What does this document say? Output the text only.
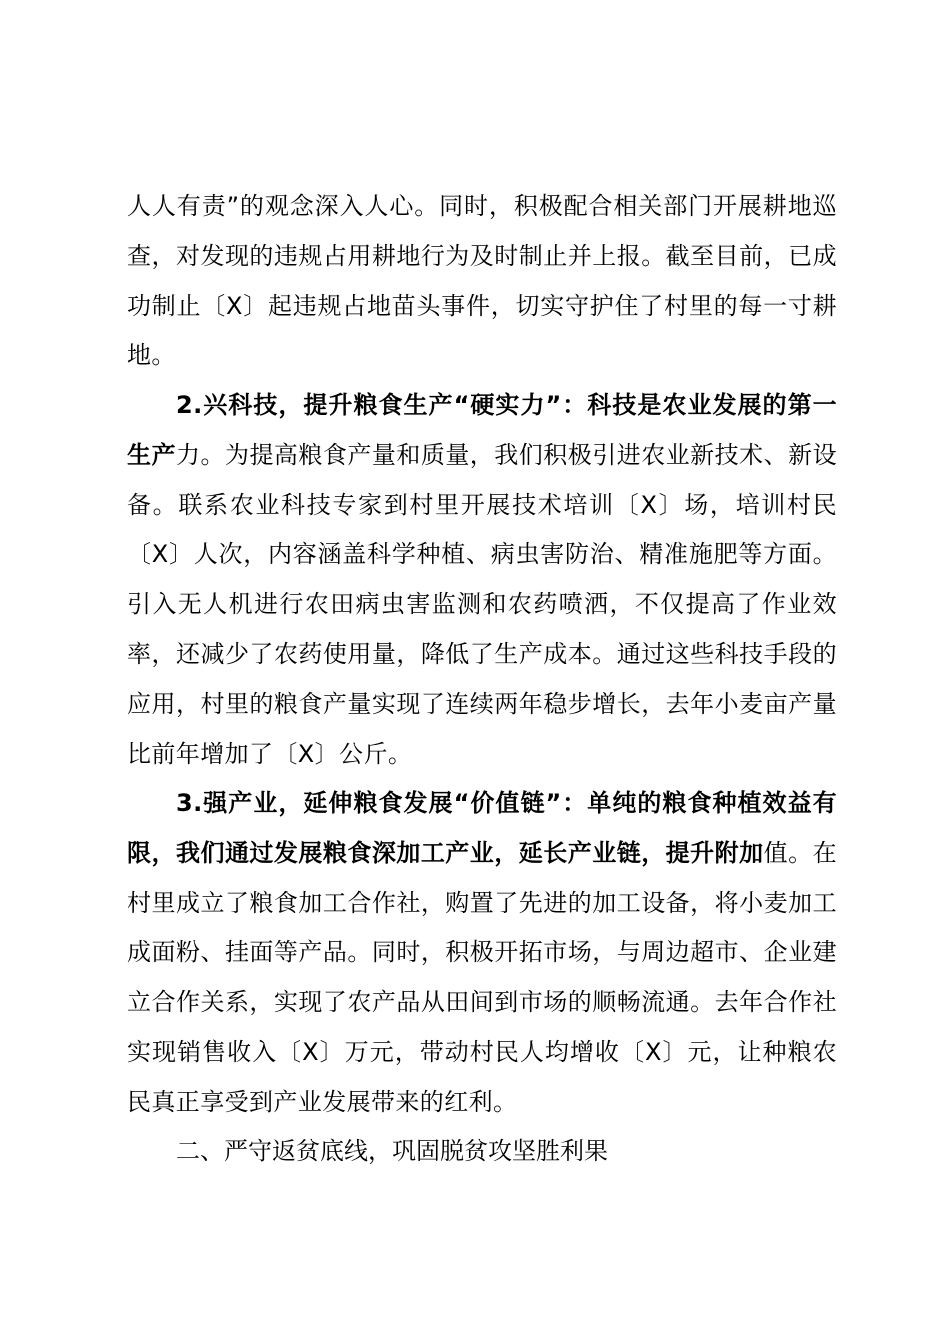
人人有责”的观念深入人心。同时，积极配合相关部门开展耕地巡查，对发现的违规占用耕地行为及时制止并上报。截至目前，已成功制止〔X〕起违规占地苗头事件，切实守护住了村里的每一寸耕地。

2.兴科技，提升粮食生产“硬实力”：科技是农业发展的第一生产力。为提高粮食产量和质量，我们积极引进农业新技术、新设备。联系农业科技专家到村里开展技术培训〔X〕场，培训村民〔X〕人次，内容涵盖科学种植、病虫害防治、精准施肥等方面。引入无人机进行农田病虫害监测和农药喷洒，不仅提高了作业效率，还减少了农药使用量，降低了生产成本。通过这些科技手段的应用，村里的粮食产量实现了连续两年稳步增长，去年小麦亩产量比前年增加了〔X〕公斤。

3.强产业，延伸粮食发展“价值链”：单纯的粮食种植效益有限，我们通过发展粮食深加工产业，延长产业链，提升附加值。在村里成立了粮食加工合作社，购置了先进的加工设备，将小麦加工成面粉、挂面等产品。同时，积极开拓市场，与周边超市、企业建立合作关系，实现了农产品从田间到市场的顺畅流通。去年合作社实现销售收入〔X〕万元，带动村民人均增收〔X〕元，让种粮农民真正享受到产业发展带来的红利。

二、严守返贫底线，巩固脱贫攻坚胜利果
